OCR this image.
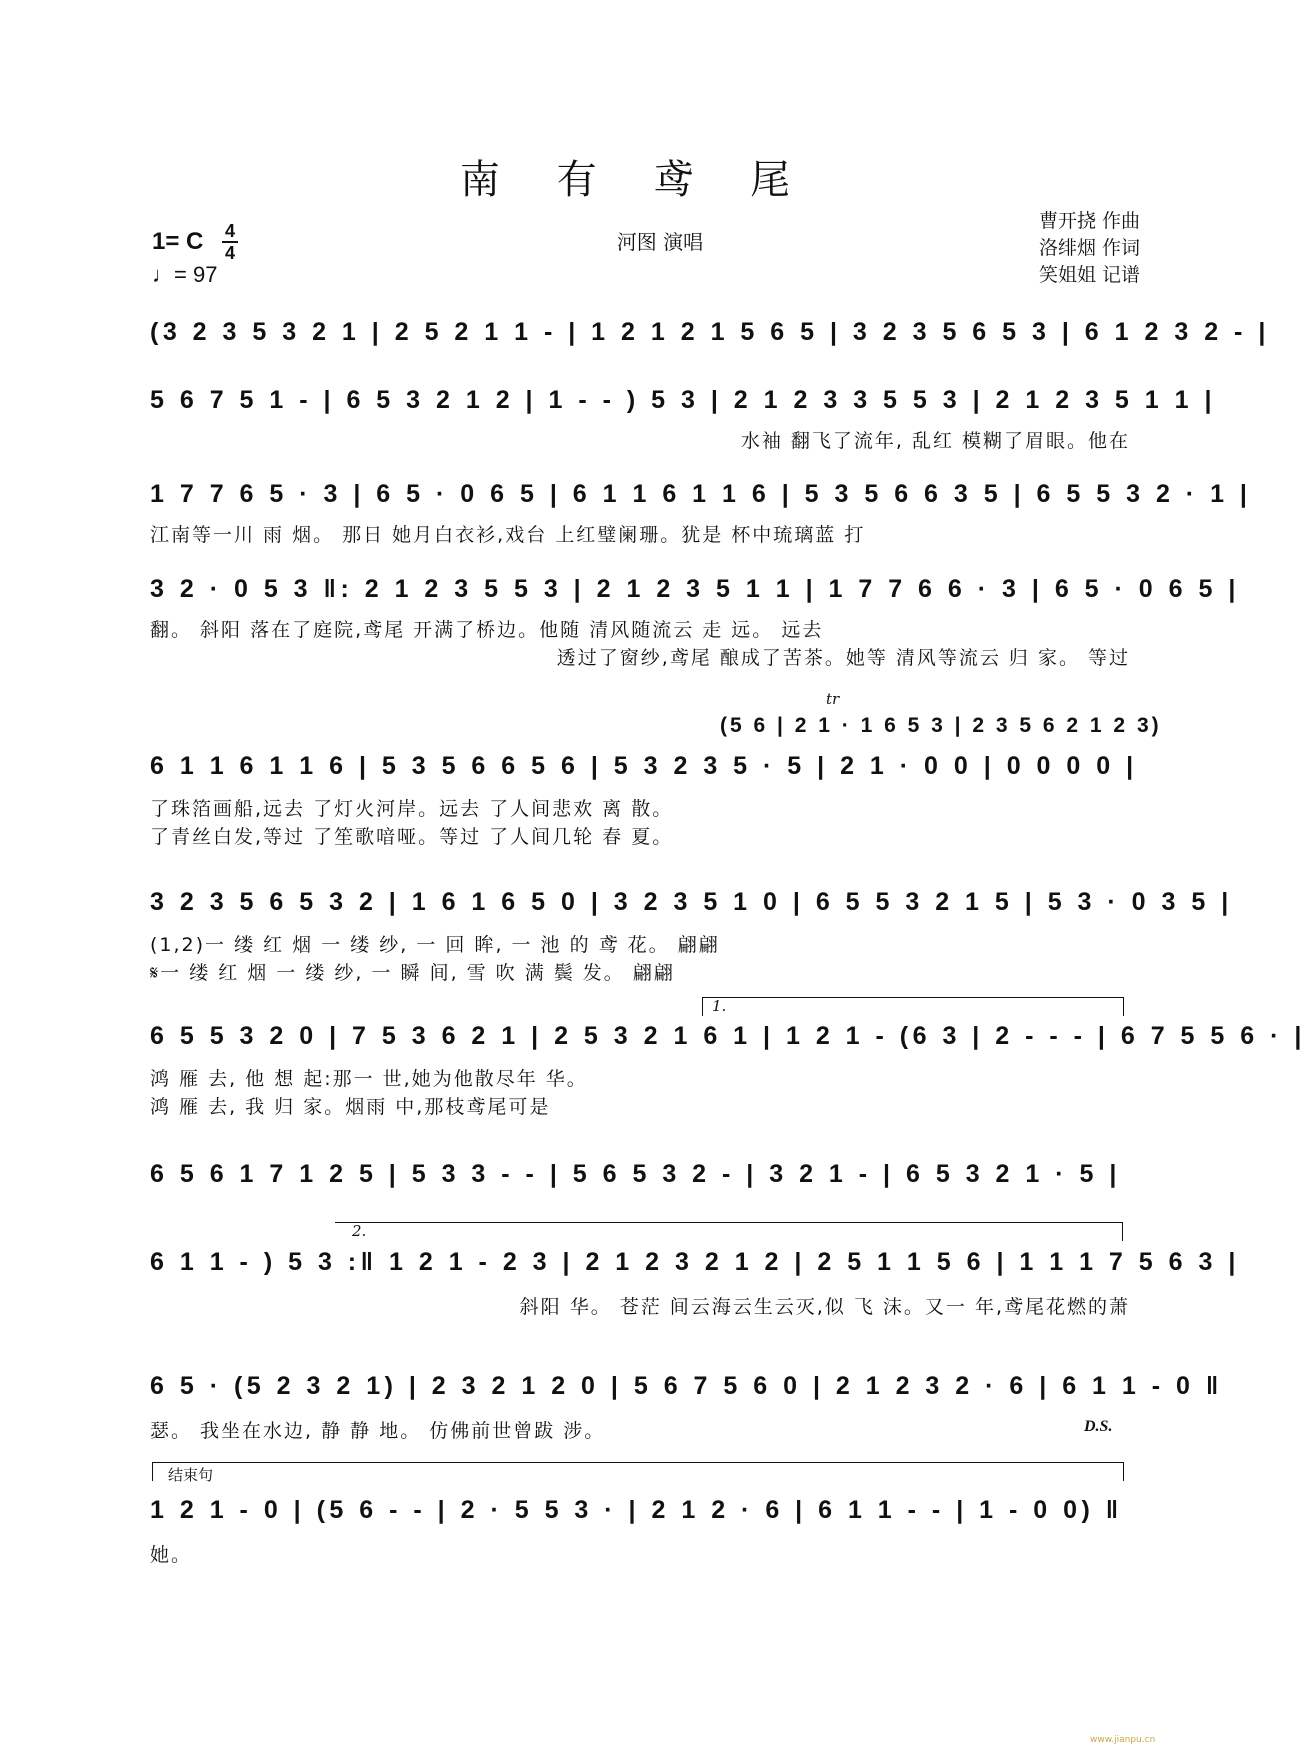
南 有 鸢 尾
1= C 4
4
♩= 97
河图 演唱
曹开挠 作曲
洛绯烟 作词
笑姐姐 记谱
(3 2 3 5 3 2 1 | 2 5 2 1 1 - | 1 2 1 2 1 5 6 5 | 3 2 3 5 6 5 3 | 6 1 2 3 2 - |
5 6 7 5 1 - | 6 5 3 2 1 2 | 1 - - ) 5 3 | 2 1 2 3 3 5 5 3 | 2 1 2 3 5 1 1 |
水袖 翻飞了流年, 乱红 模糊了眉眼。他在
1 7 7 6 5 · 3 | 6 5 · 0 6 5 | 6 1 1 6 1 1 6 | 5 3 5 6 6 3 5 | 6 5 5 3 2 · 1 |
江南等一川 雨 烟。 那日 她月白衣衫,戏台 上红璧阑珊。犹是 杯中琉璃蓝 打
3 2 · 0 5 3 ‖: 2 1 2 3 5 5 3 | 2 1 2 3 5 1 1 | 1 7 7 6 6 · 3 | 6 5 · 0 6 5 |
翻。 斜阳 落在了庭院,鸢尾 开满了桥边。他随 清风随流云 走 远。 远去
透过了窗纱,鸢尾 酿成了苦茶。她等 清风等流云 归 家。 等过
tr
(5 6 | 2 1 · 1 6 5 3 | 2 3 5 6 2 1 2 3)
6 1 1 6 1 1 6 | 5 3 5 6 6 5 6 | 5 3 2 3 5 · 5 | 2 1 · 0 0 | 0 0 0 0 |
了珠箔画船,远去 了灯火河岸。远去 了人间悲欢 离 散。
了青丝白发,等过 了笙歌喑哑。等过 了人间几轮 春 夏。
3 2 3 5 6 5 3 2 | 1 6 1 6 5 0 | 3 2 3 5 1 0 | 6 5 5 3 2 1 5 | 5 3 · 0 3 5 |
(1,2)一 缕 红 烟 一 缕 纱, 一 回 眸, 一 池 的 鸢 花。 翩翩
𝄋一 缕 红 烟 一 缕 纱, 一 瞬 间, 雪 吹 满 鬓 发。 翩翩
1.
6 5 5 3 2 0 | 7 5 3 6 2 1 | 2 5 3 2 1 6 1 | 1 2 1 - (6 3 | 2 - - - | 6 7 5 5 6 · |
鸿 雁 去, 他 想 起:那一 世,她为他散尽年 华。
鸿 雁 去, 我 归 家。烟雨 中,那枝鸢尾可是
6 5 6 1 7 1 2 5 | 5 3 3 - - | 5 6 5 3 2 - | 3 2 1 - | 6 5 3 2 1 · 5 |
2.
6 1 1 - ) 5 3 :‖ 1 2 1 - 2 3 | 2 1 2 3 2 1 2 | 2 5 1 1 5 6 | 1 1 1 7 5 6 3 |
斜阳 华。 苍茫 间云海云生云灭,似 飞 沫。又一 年,鸢尾花燃的萧
6 5 · (5 2 3 2 1) | 2 3 2 1 2 0 | 5 6 7 5 6 0 | 2 1 2 3 2 · 6 | 6 1 1 - 0 ‖
瑟。 我坐在水边, 静 静 地。 仿佛前世曾跋 涉。	D.S.
结束句
1 2 1 - 0 | (5 6 - - | 2 · 5 5 3 · | 2 1 2 · 6 | 6 1 1 - - | 1 - 0 0) ‖
她。
www.jianpu.cn
